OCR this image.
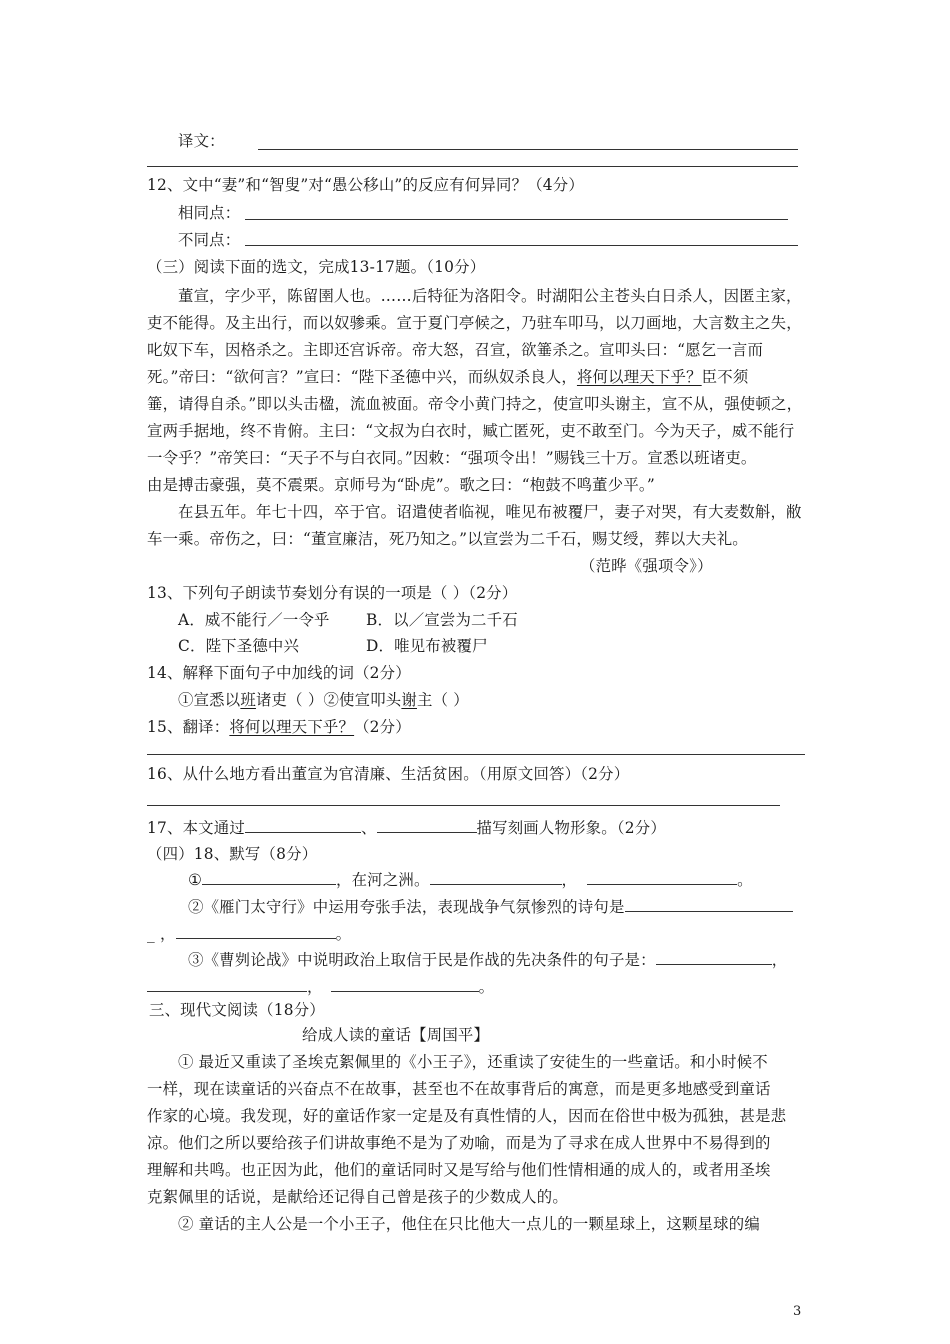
译文：
12、文中“妻”和“智叟”对“愚公移山”的反应有何异同？（4分）
相同点：
不同点：
（三）阅读下面的选文，完成13-17题。（10分）
董宣，字少平，陈留圉人也。……后特征为洛阳令。时湖阳公主苍头白日杀人，因匿主家，
吏不能得。及主出行，而以奴骖乘。宣于夏门亭候之，乃驻车叩马，以刀画地，大言数主之失，
叱奴下车，因格杀之。主即还宫诉帝。帝大怒，召宣，欲箠杀之。宣叩头曰：“愿乞一言而
死。”帝曰：“欲何言？”宣曰：“陛下圣德中兴，而纵奴杀良人，将何以理天下乎？臣不须
箠，请得自杀。”即以头击楹，流血被面。帝令小黄门持之，使宣叩头谢主，宣不从，强使顿之，
宣两手据地，终不肯俯。主曰：“文叔为白衣时，臧亡匿死，吏不敢至门。今为天子，威不能行
一令乎？”帝笑曰：“天子不与白衣同。”因敕：“强项令出！”赐钱三十万。宣悉以班诸吏。
由是搏击豪强，莫不震栗。京师号为“卧虎”。歌之曰：“枹鼓不鸣董少平。”
在县五年。年七十四，卒于官。诏遣使者临视，唯见布被覆尸，妻子对哭，有大麦数斛，敝
车一乘。帝伤之，曰：“董宣廉洁，死乃知之。”以宣尝为二千石，赐艾绶，葬以大夫礼。
（范晔《强项令》）
13、下列句子朗读节奏划分有误的一项是（ ）（2分）
A．威不能行／一令乎	B．以／宣尝为二千石
C．陛下圣德中兴	D．唯见布被覆尸
14、解释下面句子中加线的词（2分）
①宣悉以班诸吏（ ）②使宣叩头谢主（ ）
15、翻译：将何以理天下乎？（2分）
16、从什么地方看出董宣为官清廉、生活贫困。（用原文回答）（2分）
17、本文通过	、	描写刻画人物形象。（2分）
（四）18、默写（8分）
①	，在河之洲。	，	。
②《雁门太守行》中运用夸张手法，表现战争气氛惨烈的诗句是
_ ，	。
③《曹刿论战》中说明政治上取信于民是作战的先决条件的句子是：	，
，	。
三、现代文阅读（18分）
给成人读的童话【周国平】
① 最近又重读了圣埃克絮佩里的《小王子》，还重读了安徒生的一些童话。和小时候不
一样，现在读童话的兴奋点不在故事，甚至也不在故事背后的寓意，而是更多地感受到童话
作家的心境。我发现，好的童话作家一定是及有真性情的人，因而在俗世中极为孤独，甚是悲
凉。他们之所以要给孩子们讲故事绝不是为了劝喻，而是为了寻求在成人世界中不易得到的
理解和共鸣。也正因为此，他们的童话同时又是写给与他们性情相通的成人的，或者用圣埃
克絮佩里的话说，是献给还记得自己曾是孩子的少数成人的。
② 童话的主人公是一个小王子，他住在只比他大一点儿的一颗星球上，这颗星球的编
3
